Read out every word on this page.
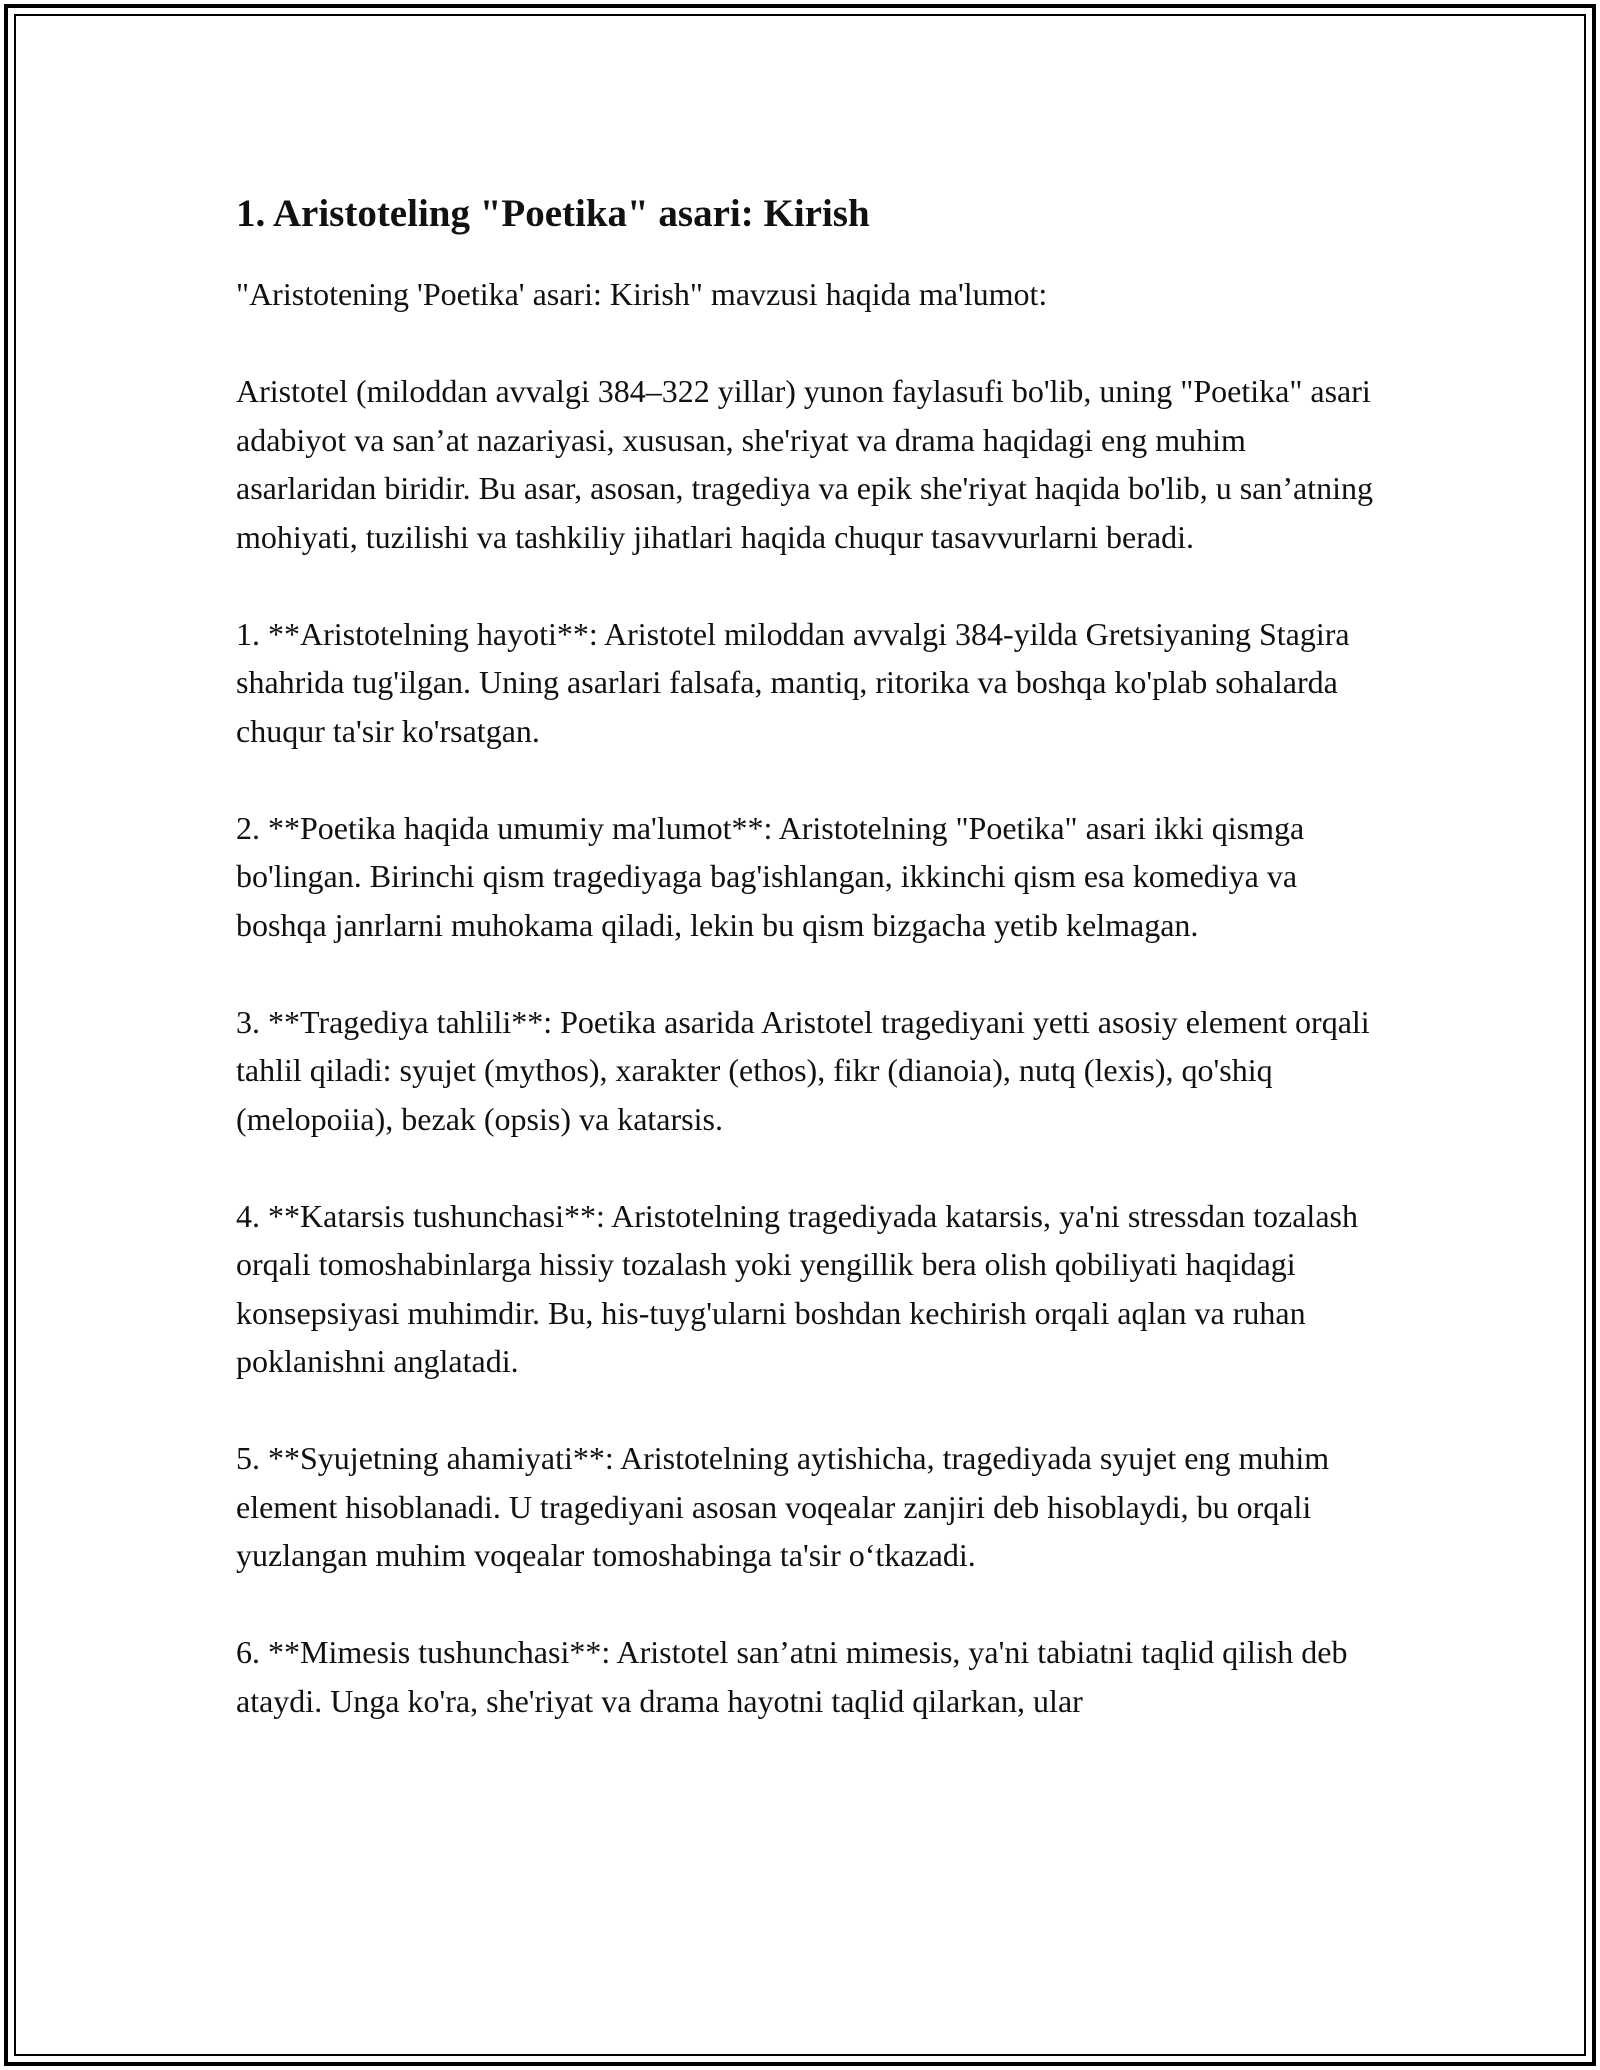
1. Aristoteling "Poetika" asari: Kirish

"Aristotening 'Poetika' asari: Kirish" mavzusi haqida ma'lumot:

Aristotel (miloddan avvalgi 384–322 yillar) yunon faylasufi bo'lib, uning "Poetika" asari adabiyot va san’at nazariyasi, xususan, she'riyat va drama haqidagi eng muhim asarlaridan biridir. Bu asar, asosan, tragediya va epik she'riyat haqida bo'lib, u san’atning mohiyati, tuzilishi va tashkiliy jihatlari haqida chuqur tasavvurlarni beradi.

1. **Aristotelning hayoti**: Aristotel miloddan avvalgi 384-yilda Gretsiyaning Stagira shahrida tug'ilgan. Uning asarlari falsafa, mantiq, ritorika va boshqa ko'plab sohalarda chuqur ta'sir ko'rsatgan.

2. **Poetika haqida umumiy ma'lumot**: Aristotelning "Poetika" asari ikki qismga bo'lingan. Birinchi qism tragediyaga bag'ishlangan, ikkinchi qism esa komediya va boshqa janrlarni muhokama qiladi, lekin bu qism bizgacha yetib kelmagan.

3. **Tragediya tahlili**: Poetika asarida Aristotel tragediyani yetti asosiy element orqali tahlil qiladi: syujet (mythos), xarakter (ethos), fikr (dianoia), nutq (lexis), qo'shiq (melopoiia), bezak (opsis) va katarsis.

4. **Katarsis tushunchasi**: Aristotelning tragediyada katarsis, ya'ni stressdan tozalash orqali tomoshabinlarga hissiy tozalash yoki yengillik bera olish qobiliyati haqidagi konsepsiyasi muhimdir. Bu, his-tuyg'ularni boshdan kechirish orqali aqlan va ruhan poklanishni anglatadi.

5. **Syujetning ahamiyati**: Aristotelning aytishicha, tragediyada syujet eng muhim element hisoblanadi. U tragediyani asosan voqealar zanjiri deb hisoblaydi, bu orqali yuzlangan muhim voqealar tomoshabinga ta'sir o‘tkazadi.

6. **Mimesis tushunchasi**: Aristotel san’atni mimesis, ya'ni tabiatni taqlid qilish deb ataydi. Unga ko'ra, she'riyat va drama hayotni taqlid qilarkan, ular
